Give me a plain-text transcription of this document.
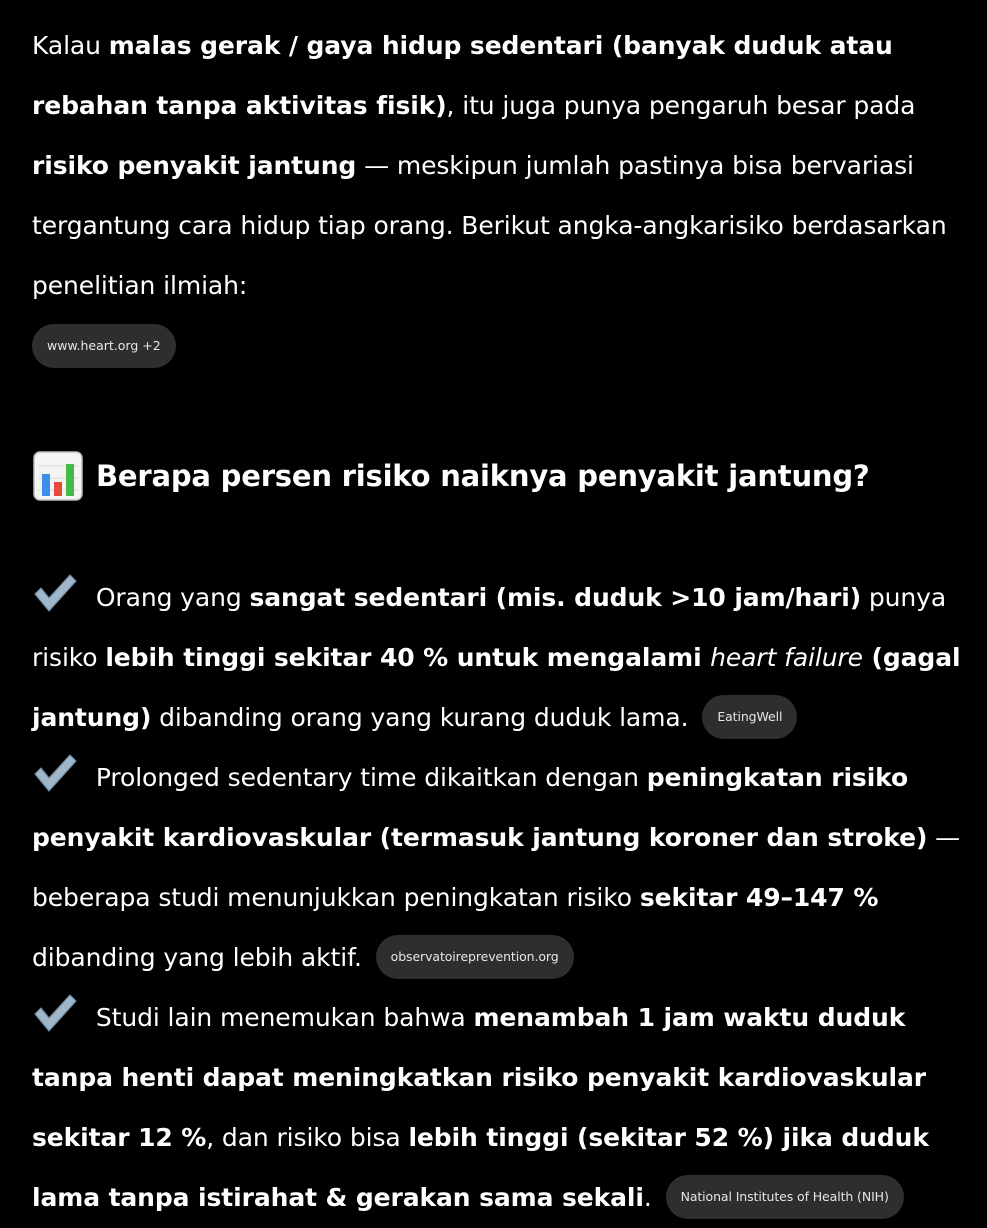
Kalau malas gerak / gaya hidup sedentari (banyak duduk atau rebahan tanpa aktivitas fisik), itu juga punya pengaruh besar pada risiko penyakit jantung — meskipun jumlah pastinya bisa bervariasi tergantung cara hidup tiap orang. Berikut angka-angkarisiko berdasarkan penelitian ilmiah:

www.heart.org +2
Berapa persen risiko naiknya penyakit jantung?

Orang yang sangat sedentari (mis. duduk >10 jam/hari) punya risiko lebih tinggi sekitar 40 % untuk mengalami heart failure (gagal jantung) dibanding orang yang kurang duduk lama. EatingWell

Prolonged sedentary time dikaitkan dengan peningkatan risiko penyakit kardiovaskular (termasuk jantung koroner dan stroke) — beberapa studi menunjukkan peningkatan risiko sekitar 49–147 % dibanding yang lebih aktif. observatoireprevention.org

Studi lain menemukan bahwa menambah 1 jam waktu duduk tanpa henti dapat meningkatkan risiko penyakit kardiovaskular sekitar 12 %, dan risiko bisa lebih tinggi (sekitar 52 %) jika duduk lama tanpa istirahat & gerakan sama sekali. National Institutes of Health (NIH)
